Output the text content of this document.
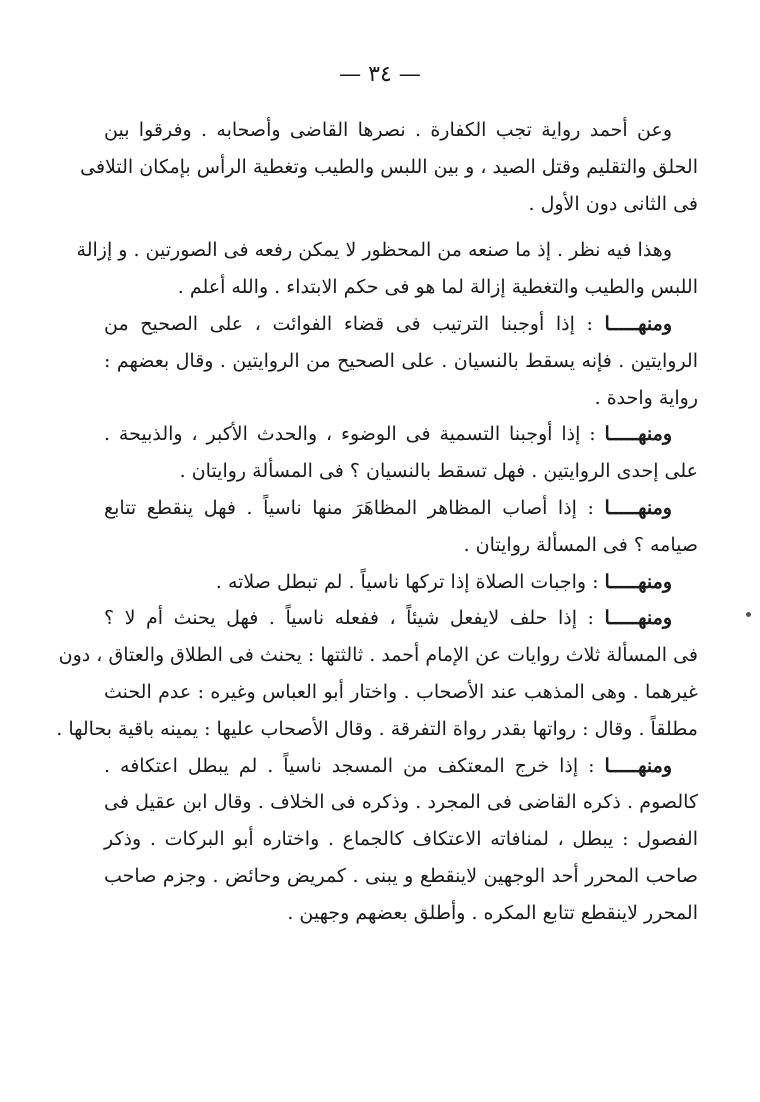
— ٣٤ —
وعن أحمد رواية تجب الكفارة . نصرها القاضى وأصحابه . وفرقوا بين
الحلق والتقليم وقتل الصيد ، و بين اللبس والطيب وتغطية الرأس بإمكان التلافى
فى الثانى دون الأول .
وهذا فيه نظر . إذ ما صنعه من المحظور لا يمكن رفعه فى الصورتين . و إزالة
اللبس والطيب والتغطية إزالة لما هو فى حكم الابتداء . والله أعلم .
ومنهـــــا : إذا أوجبنا الترتيب فى قضاء الفوائت ، على الصحيح من
الروايتين . فإنه يسقط بالنسيان . على الصحيح من الروايتين . وقال بعضهم :
رواية واحدة .
ومنهـــــا : إذا أوجبنا التسمية فى الوضوء ، والحدث الأكبر ، والذبيحة .
على إحدى الروايتين . فهل تسقط بالنسيان ؟ فى المسألة روايتان .
ومنهـــــا : إذا أصاب المظاهر المظاهَرَ منها ناسياً . فهل ينقطع تتابع
صيامه ؟ فى المسألة روايتان .
ومنهـــــا : واجبات الصلاة إذا تركها ناسياً . لم تبطل صلاته .
ومنهـــــا : إذا حلف لايفعل شيئاً ، ففعله ناسياً . فهل يحنث أم لا ؟
فى المسألة ثلاث روايات عن الإمام أحمد . ثالثتها : يحنث فى الطلاق والعتاق ، دون
غيرهما . وهى المذهب عند الأصحاب . واختار أبو العباس وغيره : عدم الحنث
مطلقاً . وقال : رواتها بقدر رواة التفرقة . وقال الأصحاب عليها : يمينه باقية بحالها .
ومنهـــــا : إذا خرج المعتكف من المسجد ناسياً . لم يبطل اعتكافه .
كالصوم . ذكره القاضى فى المجرد . وذكره فى الخلاف . وقال ابن عقيل فى
الفصول : يبطل ، لمنافاته الاعتكاف كالجماع . واختاره أبو البركات . وذكر
صاحب المحرر أحد الوجهين لاينقطع و يبنى . كمريض وحائض . وجزم صاحب
المحرر لاينقطع تتابع المكره . وأطلق بعضهم وجهين .
